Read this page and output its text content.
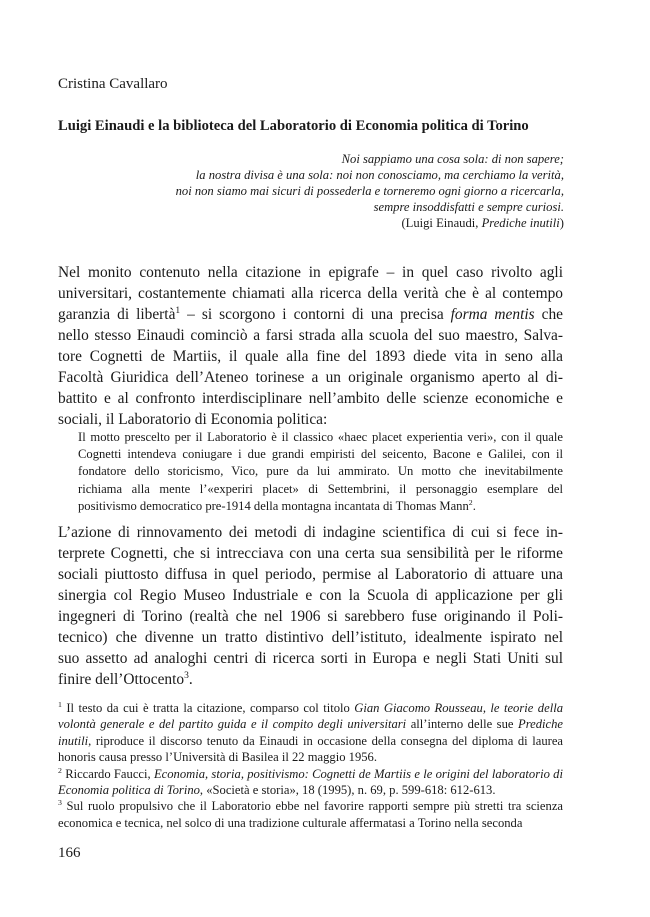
Cristina Cavallaro
Luigi Einaudi e la biblioteca del Laboratorio di Economia politica di Torino
Noi sappiamo una cosa sola: di non sapere;
la nostra divisa è una sola: noi non conosciamo, ma cerchiamo la verità,
noi non siamo mai sicuri di possederla e torneremo ogni giorno a ricercarla,
sempre insoddisfatti e sempre curiosi.
(Luigi Einaudi, Prediche inutili)
Nel monito contenuto nella citazione in epigrafe – in quel caso rivolto agli
universitari, costantemente chiamati alla ricerca della verità che è al contempo
garanzia di libertà$^1$ – si scorgono i contorni di una precisa forma mentis che
nello stesso Einaudi cominciò a farsi strada alla scuola del suo maestro, Salva-
tore Cognetti de Martiis, il quale alla fine del 1893 diede vita in seno alla
Facoltà Giuridica dell’Ateneo torinese a un originale organismo aperto al di-
battito e al confronto interdisciplinare nell’ambito delle scienze economiche e
sociali, il Laboratorio di Economia politica:
Il motto prescelto per il Laboratorio è il classico «haec placet experientia veri», con il quale
Cognetti intendeva coniugare i due grandi empiristi del seicento, Bacone e Galilei, con il
fondatore dello storicismo, Vico, pure da lui ammirato. Un motto che inevitabilmente
richiama alla mente l’«experiri placet» di Settembrini, il personaggio esemplare del
positivismo democratico pre-1914 della montagna incantata di Thomas Mann$^2$.
L’azione di rinnovamento dei metodi di indagine scientifica di cui si fece in-
terprete Cognetti, che si intrecciava con una certa sua sensibilità per le riforme
sociali piuttosto diffusa in quel periodo, permise al Laboratorio di attuare una
sinergia col Regio Museo Industriale e con la Scuola di applicazione per gli
ingegneri di Torino (realtà che nel 1906 si sarebbero fuse originando il Poli-
tecnico) che divenne un tratto distintivo dell’istituto, idealmente ispirato nel
suo assetto ad analoghi centri di ricerca sorti in Europa e negli Stati Uniti sul
finire dell’Ottocento$^3$.

$^1$ Il testo da cui è tratta la citazione, comparso col titolo Gian Giacomo Rousseau, le teorie della volontà generale e del partito guida e il compito degli universitari all’interno delle sue Prediche inutili, riproduce il discorso tenuto da Einaudi in occasione della consegna del diploma di laurea honoris causa presso l’Università di Basilea il 22 maggio 1956.

$^2$ Riccardo Faucci, Economia, storia, positivismo: Cognetti de Martiis e le origini del laboratorio di Economia politica di Torino, «Società e storia», 18 (1995), n. 69, p. 599-618: 612-613.

$^3$ Sul ruolo propulsivo che il Laboratorio ebbe nel favorire rapporti sempre più stretti tra scienza economica e tecnica, nel solco di una tradizione culturale affermatasi a Torino nella seconda

166
